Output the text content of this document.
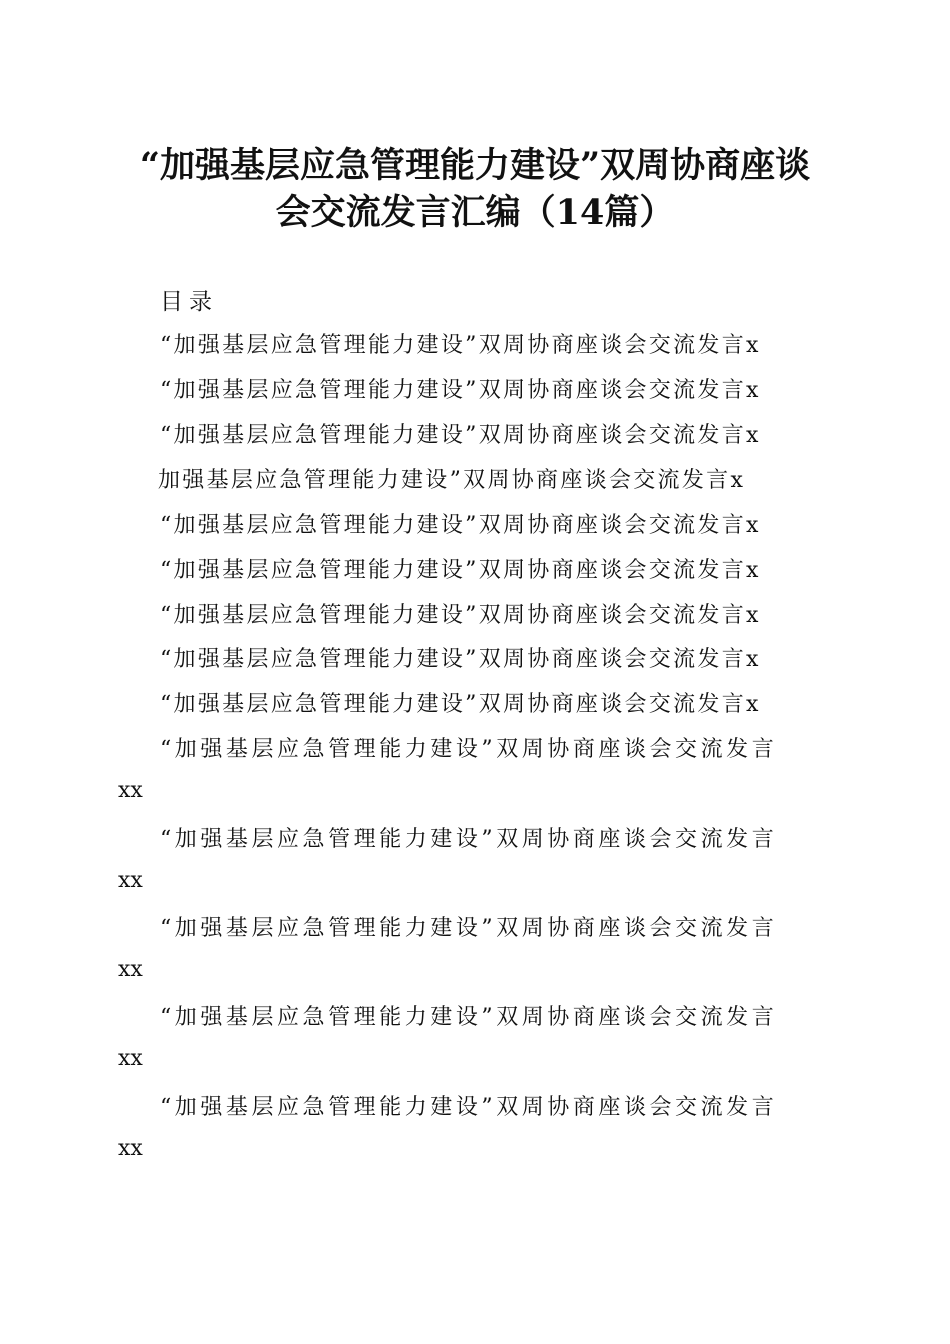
“加强基层应急管理能力建设”双周协商座谈
会交流发言汇编（14篇）
目录
“加强基层应急管理能力建设”双周协商座谈会交流发言x
“加强基层应急管理能力建设”双周协商座谈会交流发言x
“加强基层应急管理能力建设”双周协商座谈会交流发言x
加强基层应急管理能力建设”双周协商座谈会交流发言x
“加强基层应急管理能力建设”双周协商座谈会交流发言x
“加强基层应急管理能力建设”双周协商座谈会交流发言x
“加强基层应急管理能力建设”双周协商座谈会交流发言x
“加强基层应急管理能力建设”双周协商座谈会交流发言x
“加强基层应急管理能力建设”双周协商座谈会交流发言x
“加强基层应急管理能力建设”双周协商座谈会交流发言
xx
“加强基层应急管理能力建设”双周协商座谈会交流发言
xx
“加强基层应急管理能力建设”双周协商座谈会交流发言
xx
“加强基层应急管理能力建设”双周协商座谈会交流发言
xx
“加强基层应急管理能力建设”双周协商座谈会交流发言
xx
